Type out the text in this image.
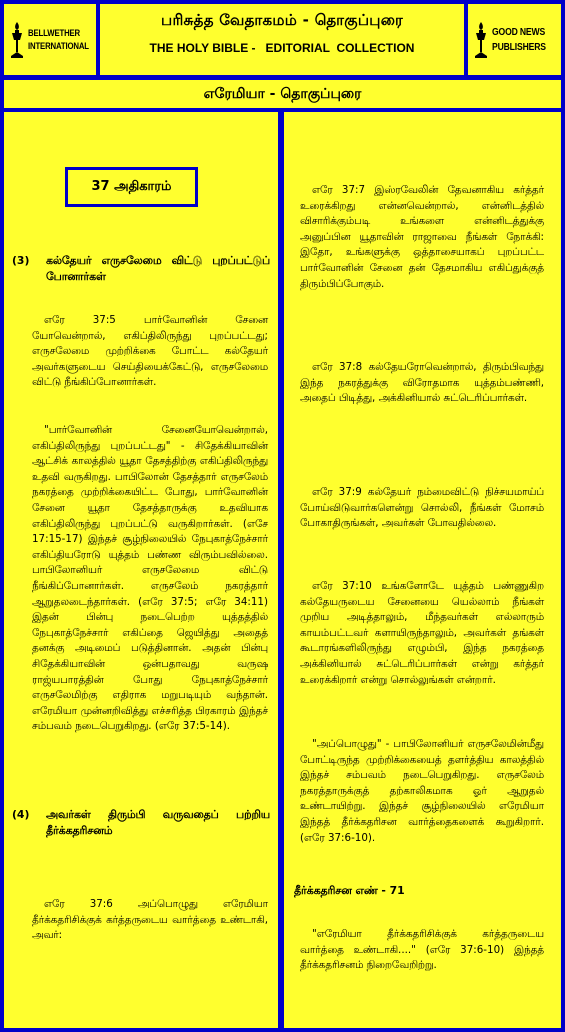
BELLWETHER
INTERNATIONAL
பரிசுத்த வேதாகமம் - தொகுப்புரை
THE HOLY BIBLE -   EDITORIAL  COLLECTION
GOOD NEWS
PUBLISHERS
எரேமியா - தொகுப்புரை
37 அதிகாரம்
(3)	கல்தேயர் எருசலேமை விட்டு புறப்பட்டுப் போனார்கள்
எரே 37:5 பார்வோனின் சேனை யோவென்றால், எகிப்திலிருந்து புறப்பட்டது; எருசலேமை முற்றிக்கை போட்ட கல்தேயர் அவர்களுடைய செய்தியைக்கேட்டு, எருசலேமை விட்டு நீங்கிப்போனார்கள்.
"பார்வோனின் சேனையோவென்றால், எகிப்திலிருந்து புறப்பட்டது" - சிதேக்கியாவின் ஆட்சிக் காலத்தில் யூதா தேசத்திற்கு எகிப்திலிருந்து உதவி வருகிறது. பாபிலோன் தேசத்தார் எருசலேம் நகரத்தை முற்றிக்கையிட்ட போது, பார்வோனின் சேனை யூதா தேசத்தாருக்கு உதவியாக எகிப்திலிருந்து புறப்பட்டு வருகிறார்கள். (எசே 17:15-17) இந்தச் சூழ்நிலையில் நேபுகாத்நேச்சார் எகிப்தியரோடு யுத்தம் பண்ண விரும்பவில்லை. பாபிலோனியர் எருசலேமை விட்டு நீங்கிப்போனார்கள். எருசலேம் நகரத்தார் ஆறுதலடைந்தார்கள். (எரே 37:5; எரே 34:11) இதன் பின்பு நடைபெற்ற யுத்தத்தில் நேபுகாத்நேச்சார் எகிப்தை ஜெயித்து அதைத் தனக்கு அடிமைப் படுத்தினான். அதன் பின்பு சிதேக்கியாவின் ஒன்பதாவது வருஷ ராஜ்யபாரத்தின் போது நேபுகாத்நேச்சார் எருசலேமிற்கு எதிராக மறுபடியும் வந்தான். எரேமியா முன்னறிவித்து எச்சரித்த பிரகாரம் இந்தச் சம்பவம் நடைபெறுகிறது. (எரே 37:5-14).
(4)	அவர்கள் திரும்பி வருவதைப் பற்றிய தீர்க்கதரிசனம்
எரே 37:6 அப்பொழுது எரேமியா தீர்க்கதரிசிக்குக் கர்த்தருடைய வார்த்தை உண்டாகி, அவர்:
எரே 37:7 இஸ்ரவேலின் தேவனாகிய கர்த்தர் உரைக்கிறது என்னவென்றால், என்னிடத்தில் விசாரிக்கும்படி உங்களை என்னிடத்துக்கு அனுப்பின யூதாவின் ராஜாவை நீங்கள் நோக்கி: இதோ, உங்களுக்கு ஒத்தாசையாகப் புறப்பட்ட பார்வோனின் சேனை தன் தேசமாகிய எகிப்துக்குத் திரும்பிப்போகும்.
எரே 37:8 கல்தேயரோவென்றால், திரும்பிவந்து இந்த நகரத்துக்கு விரோதமாக யுத்தம்பண்ணி, அதைப் பிடித்து, அக்கினியால் சுட்டெரிப்பார்கள்.
எரே 37:9 கல்தேயர் நம்மைவிட்டு நிச்சயமாய்ப் போய்விடுவார்களென்று சொல்லி, நீங்கள் மோசம் போகாதிருங்கள், அவர்கள் போவதில்லை.
எரே 37:10 உங்களோடே யுத்தம் பண்ணுகிற கல்தேயருடைய சேனையை யெல்லாம் நீங்கள் முறிய அடித்தாலும், மீந்தவர்கள் எல்லாரும் காயம்பட்டவர் களாயிருந்தாலும், அவர்கள் தங்கள் கூடாரங்களிலிருந்து எழும்பி, இந்த நகரத்தை அக்கினியால் சுட்டெரிப்பார்கள் என்று கர்த்தர் உரைக்கிறார் என்று சொல்லுங்கள் என்றார்.
"அப்பொழுது" - பாபிலோனியர் எருசலேமின்மீது போட்டிருந்த முற்றிக்கையைத் தளர்த்திய காலத்தில் இந்தச் சம்பவம் நடைபெறுகிறது. எருசலேம் நகரத்தாருக்குத் தற்காலிகமாக ஓர் ஆறுதல் உண்டாயிற்று. இந்தச் சூழ்நிலையில் எரேமியா இந்தத் தீர்க்கதரிசன வார்த்தைகளைக் கூறுகிறார். (எரே 37:6-10).
தீர்க்கதரிசன எண் - 71
"எரேமியா தீர்க்கதரிசிக்குக் கர்த்தருடைய வார்த்தை உண்டாகி...." (எரே 37:6-10) இந்தத் தீர்க்கதரிசனம் நிறைவேறிற்று.
